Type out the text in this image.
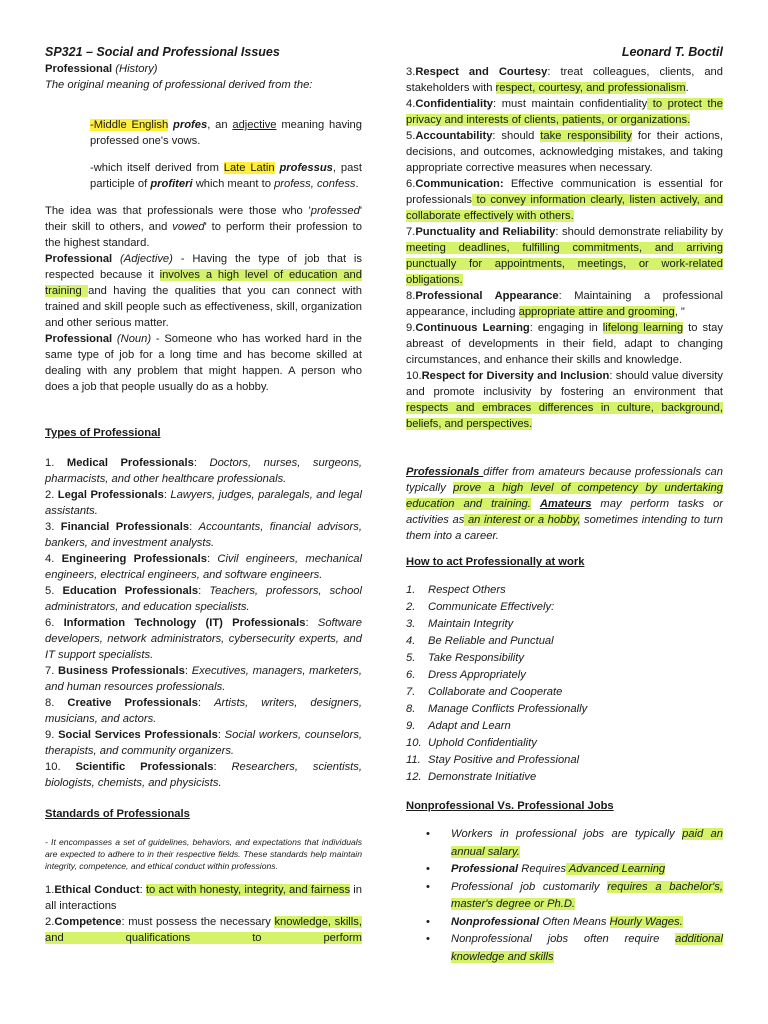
SP321 – Social and Professional Issues	Leonard T. Boctil

Professional (History)

The original meaning of professional derived from the:

-Middle English profes, an adjective meaning having professed one's vows.

-which itself derived from Late Latin professus, past participle of profiteri which meant to profess, confess.

The idea was that professionals were those who 'professed' their skill to others, and vowed' to perform their profession to the highest standard.

Professional (Adjective) - Having the type of job that is respected because it involves a high level of education and training and having the qualities that you can connect with trained and skill people such as effectiveness, skill, organization and other serious matter.

Professional (Noun) - Someone who has worked hard in the same type of job for a long time and has become skilled at dealing with any problem that might happen. A person who does a job that people usually do as a hobby.

Types of Professional

1. Medical Professionals: Doctors, nurses, surgeons, pharmacists, and other healthcare professionals.

2. Legal Professionals: Lawyers, judges, paralegals, and legal assistants.

3. Financial Professionals: Accountants, financial advisors, bankers, and investment analysts.

4. Engineering Professionals: Civil engineers, mechanical engineers, electrical engineers, and software engineers.

5. Education Professionals: Teachers, professors, school administrators, and education specialists.

6. Information Technology (IT) Professionals: Software developers, network administrators, cybersecurity experts, and IT support specialists.

7. Business Professionals: Executives, managers, marketers, and human resources professionals.

8. Creative Professionals: Artists, writers, designers, musicians, and actors.

9. Social Services Professionals: Social workers, counselors, therapists, and community organizers.

10. Scientific Professionals: Researchers, scientists, biologists, chemists, and physicists.

Standards of Professionals

- It encompasses a set of guidelines, behaviors, and expectations that individuals are expected to adhere to in their respective fields. These standards help maintain integrity, competence, and ethical conduct within professions.

1.Ethical Conduct: to act with honesty, integrity, and fairness in all interactions

2.Competence: must possess the necessary knowledge, skills, and qualifications to perform

3.Respect and Courtesy: treat colleagues, clients, and stakeholders with respect, courtesy, and professionalism.

4.Confidentiality: must maintain confidentiality to protect the privacy and interests of clients, patients, or organizations.

5.Accountability: should take responsibility for their actions, decisions, and outcomes, acknowledging mistakes, and taking appropriate corrective measures when necessary.

6.Communication: Effective communication is essential for professionals to convey information clearly, listen actively, and collaborate effectively with others.

7.Punctuality and Reliability: should demonstrate reliability by meeting deadlines, fulfilling commitments, and arriving punctually for appointments, meetings, or work-related obligations.

8.Professional Appearance: Maintaining a professional appearance, including appropriate attire and grooming, "

9.Continuous Learning: engaging in lifelong learning to stay abreast of developments in their field, adapt to changing circumstances, and enhance their skills and knowledge.

10.Respect for Diversity and Inclusion: should value diversity and promote inclusivity by fostering an environment that respects and embraces differences in culture, background, beliefs, and perspectives.

Professionals differ from amateurs because professionals can typically prove a high level of competency by undertaking education and training. Amateurs may perform tasks or activities as an interest or a hobby, sometimes intending to turn them into a career.

How to act Professionally at work

1.	Respect Others
2.	Communicate Effectively:
3.	Maintain Integrity
4.	Be Reliable and Punctual
5.	Take Responsibility
6.	Dress Appropriately
7.	Collaborate and Cooperate
8.	Manage Conflicts Professionally
9.	Adapt and Learn
10. Uphold Confidentiality
11. Stay Positive and Professional
12. Demonstrate Initiative

Nonprofessional Vs. Professional Jobs

• Workers in professional jobs are typically paid an annual salary.
• Professional Requires Advanced Learning
• Professional job customarily requires a bachelor's, master's degree or Ph.D.
• Nonprofessional Often Means Hourly Wages.
• Nonprofessional jobs often require additional knowledge and skills
